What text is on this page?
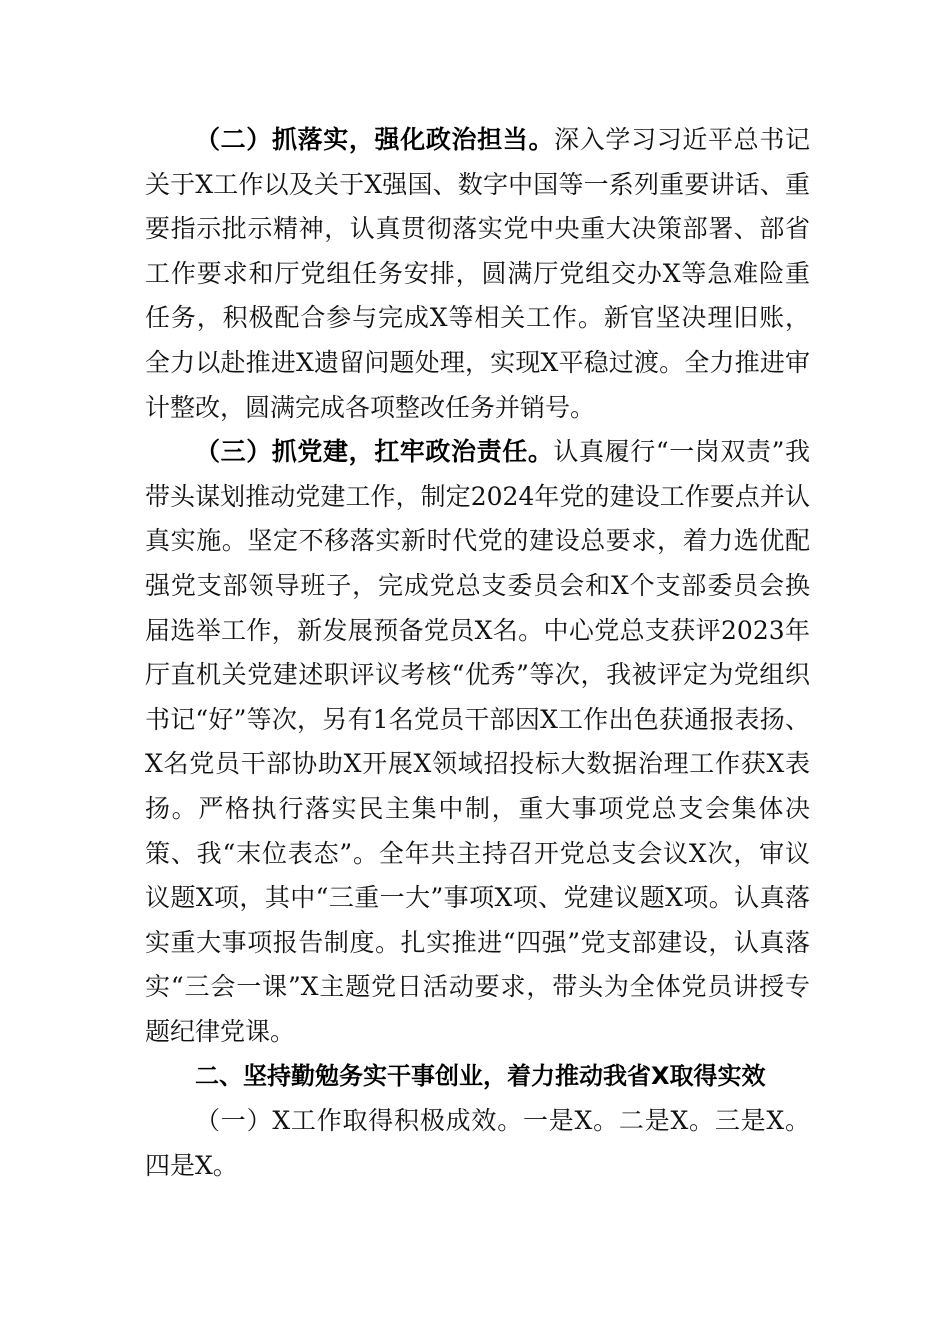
（二）抓落实，强化政治担当。深入学习习近平总书记关于X工作以及关于X强国、数字中国等一系列重要讲话、重要指示批示精神，认真贯彻落实党中央重大决策部署、部省工作要求和厅党组任务安排，圆满厅党组交办X等急难险重任务，积极配合参与完成X等相关工作。新官坚决理旧账，全力以赴推进X遗留问题处理，实现X平稳过渡。全力推进审计整改，圆满完成各项整改任务并销号。

（三）抓党建，扛牢政治责任。认真履行“一岗双责”我带头谋划推动党建工作，制定2024年党的建设工作要点并认真实施。坚定不移落实新时代党的建设总要求，着力选优配强党支部领导班子，完成党总支委员会和X个支部委员会换届选举工作，新发展预备党员X名。中心党总支获评2023年厅直机关党建述职评议考核“优秀”等次，我被评定为党组织书记“好”等次，另有1名党员干部因X工作出色获通报表扬、X名党员干部协助X开展X领域招投标大数据治理工作获X表扬。严格执行落实民主集中制，重大事项党总支会集体决策、我“末位表态”。全年共主持召开党总支会议X次，审议议题X项，其中“三重一大”事项X项、党建议题X项。认真落实重大事项报告制度。扎实推进“四强”党支部建设，认真落实“三会一课”X主题党日活动要求，带头为全体党员讲授专题纪律党课。

二、坚持勤勉务实干事创业，着力推动我省X取得实效

（一）X工作取得积极成效。一是X。二是X。三是X。四是X。
